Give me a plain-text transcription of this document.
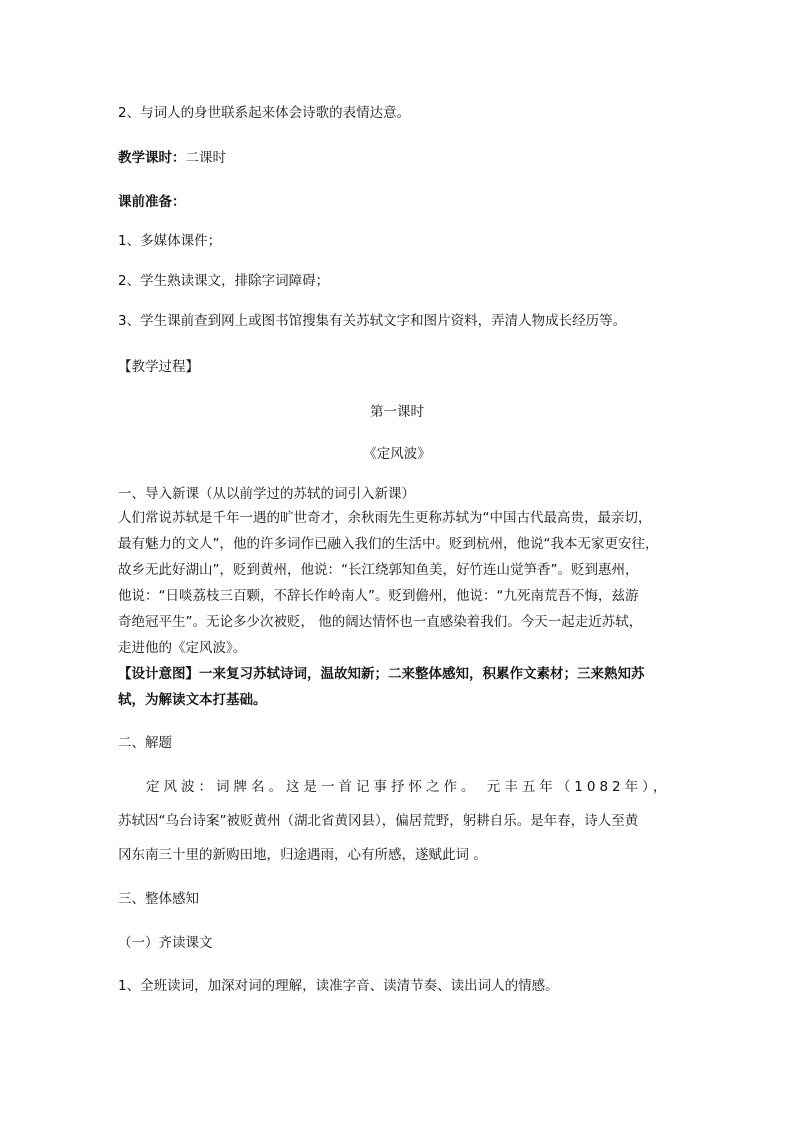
2、与词人的身世联系起来体会诗歌的表情达意。
教学课时：二课时
课前准备：
1、多媒体课件；
2、学生熟读课文，排除字词障碍；
3、学生课前查到网上或图书馆搜集有关苏轼文字和图片资料，弄清人物成长经历等。
【教学过程】
第一课时
《定风波》
一、导入新课（从以前学过的苏轼的词引入新课）
人们常说苏轼是千年一遇的旷世奇才，余秋雨先生更称苏轼为“中国古代最高贵，最亲切，
最有魅力的文人”，他的许多词作已融入我们的生活中。贬到杭州，他说“我本无家更安往，
故乡无此好湖山”，贬到黄州，他说：“长江绕郭知鱼美，好竹连山觉笋香”。贬到惠州，
他说：“日啖荔枝三百颗，不辞长作岭南人”。贬到儋州，他说：“九死南荒吾不悔，兹游
奇绝冠平生”。无论多少次被贬， 他的阔达情怀也一直感染着我们。今天一起走近苏轼，
走进他的《定风波》。
【设计意图】一来复习苏轼诗词，温故知新；二来整体感知，积累作文素材；三来熟知苏
轼，为解读文本打基础。
二、解题
定风波：词牌名。这是一首记事抒怀之作。 元丰五年（1082年），
苏轼因“乌台诗案”被贬黄州（湖北省黄冈县），偏居荒野，躬耕自乐。是年春，诗人至黄
冈东南三十里的新购田地，归途遇雨，心有所感，遂赋此词 。
三、整体感知
（一）齐读课文
1、全班读词，加深对词的理解，读准字音、读清节奏、读出词人的情感。
